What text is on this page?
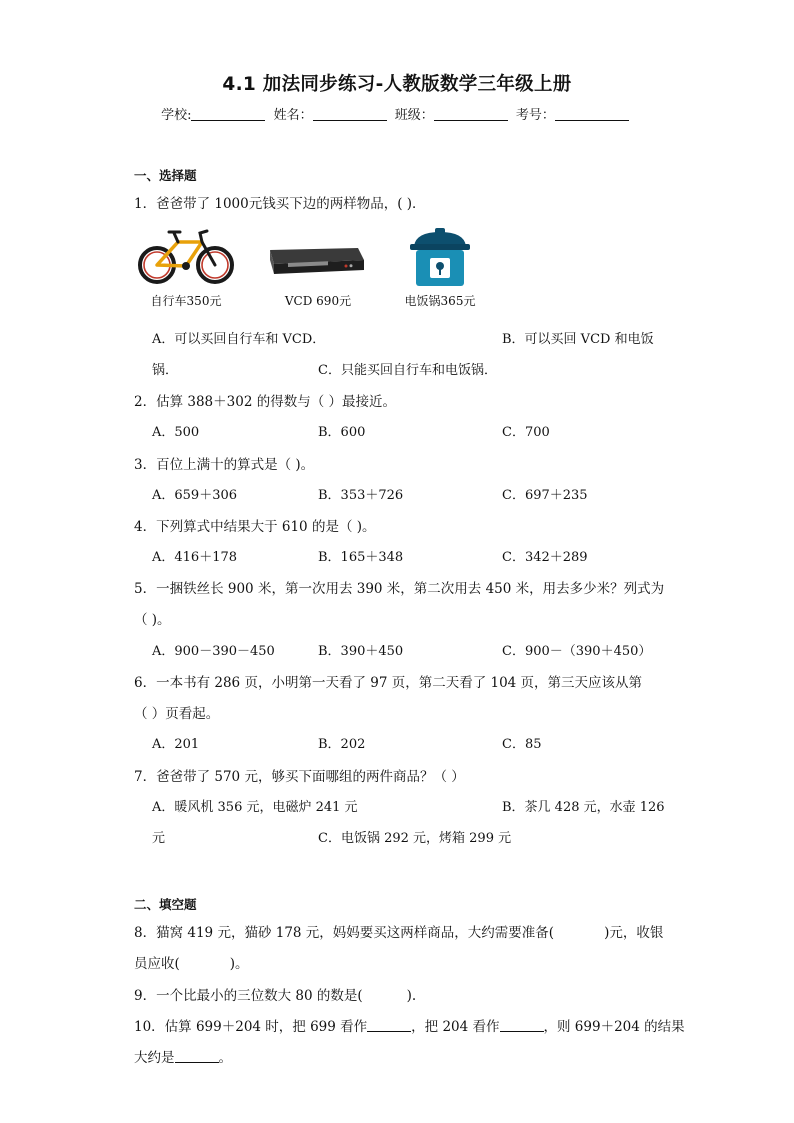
4.1 加法同步练习-人教版数学三年级上册
学校:	姓名：	班级：	考号：
一、选择题
1．爸爸带了 1000元钱买下边的两样物品，( )．
自行车350元	VCD 690元	电饭锅365元
A．可以买回自行车和 VCD．	B．可以买回 VCD 和电饭
锅．	C．只能买回自行车和电饭锅．
2．估算 388＋302 的得数与（ ）最接近。
A．500	B．600	C．700
3．百位上满十的算式是（ )。
A．659＋306	B．353＋726	C．697＋235
4．下列算式中结果大于 610 的是（ )。
A．416＋178	B．165＋348	C．342＋289
5．一捆铁丝长 900 米，第一次用去 390 米，第二次用去 450 米，用去多少米？列式为
（ )。
A．900－390－450	B．390＋450	C．900－（390＋450）
6．一本书有 286 页，小明第一天看了 97 页，第二天看了 104 页，第三天应该从第
（ ）页看起。
A．201	B．202	C．85
7．爸爸带了 570 元，够买下面哪组的两件商品？（ ）
A．暖风机 356 元，电磁炉 241 元	B．茶几 428 元，水壶 126
元	C．电饭锅 292 元，烤箱 299 元
二、填空题
8．猫窝 419 元，猫砂 178 元，妈妈要买这两样商品，大约需要准备(	)元，收银
员应收(	)。
9．一个比最小的三位数大 80 的数是(	).
10．估算 699＋204 时，把 699 看作	，把 204 看作	，则 699＋204 的结果
大约是	。
